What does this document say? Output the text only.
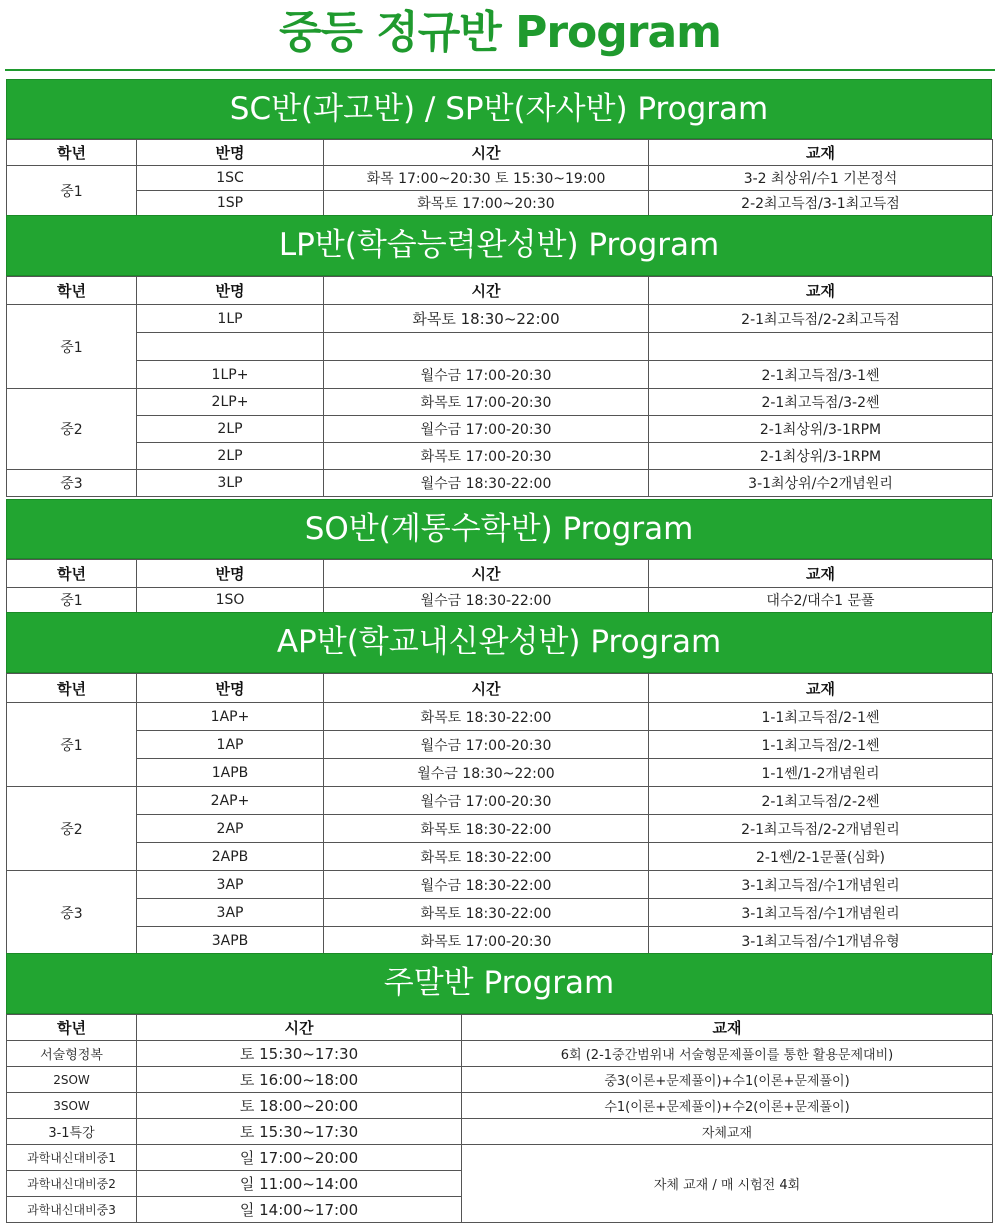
중등 정규반 Program
SC반(과고반) / SP반(자사반) Program
학년	반명	시간	교재
중1	1SC	화목 17:00~20:30 토 15:30~19:00	3-2 최상위/수1 기본정석
	1SP	화목토 17:00~20:30	2-2최고득점/3-1최고득점
LP반(학습능력완성반) Program
학년	반명	시간	교재
중1	1LP	화목토 18:30~22:00	2-1최고득점/2-2최고득점

	1LP+	월수금 17:00-20:30	2-1최고득점/3-1쎈
중2	2LP+	화목토 17:00-20:30	2-1최고득점/3-2쎈
	2LP	월수금 17:00-20:30	2-1최상위/3-1RPM
	2LP	화목토 17:00-20:30	2-1최상위/3-1RPM
중3	3LP	월수금 18:30-22:00	3-1최상위/수2개념원리
SO반(계통수학반) Program
학년	반명	시간	교재
중1	1SO	월수금 18:30-22:00	대수2/대수1 문풀
AP반(학교내신완성반) Program
학년	반명	시간	교재
중1	1AP+	화목토 18:30-22:00	1-1최고득점/2-1쎈
	1AP	월수금 17:00-20:30	1-1최고득점/2-1쎈
	1APB	월수금 18:30~22:00	1-1쎈/1-2개념원리
중2	2AP+	월수금 17:00-20:30	2-1최고득점/2-2쎈
	2AP	화목토 18:30-22:00	2-1최고득점/2-2개념원리
	2APB	화목토 18:30-22:00	2-1쎈/2-1문풀(심화)
중3	3AP	월수금 18:30-22:00	3-1최고득점/수1개념원리
	3AP	화목토 18:30-22:00	3-1최고득점/수1개념원리
	3APB	화목토 17:00-20:30	3-1최고득점/수1개념유형
주말반 Program
학년	시간	교재
서술형정복	토 15:30~17:30	6회 (2-1중간범위내 서술형문제풀이를 통한 활용문제대비)
2SOW	토 16:00~18:00	중3(이론+문제풀이)+수1(이론+문제풀이)
3SOW	토 18:00~20:00	수1(이론+문제풀이)+수2(이론+문제풀이)
3-1특강	토 15:30~17:30	자체교재
과학내신대비중1	일 17:00~20:00	자체 교재 / 매 시험전 4회
과학내신대비중2	일 11:00~14:00	
과학내신대비중3	일 14:00~17:00	
